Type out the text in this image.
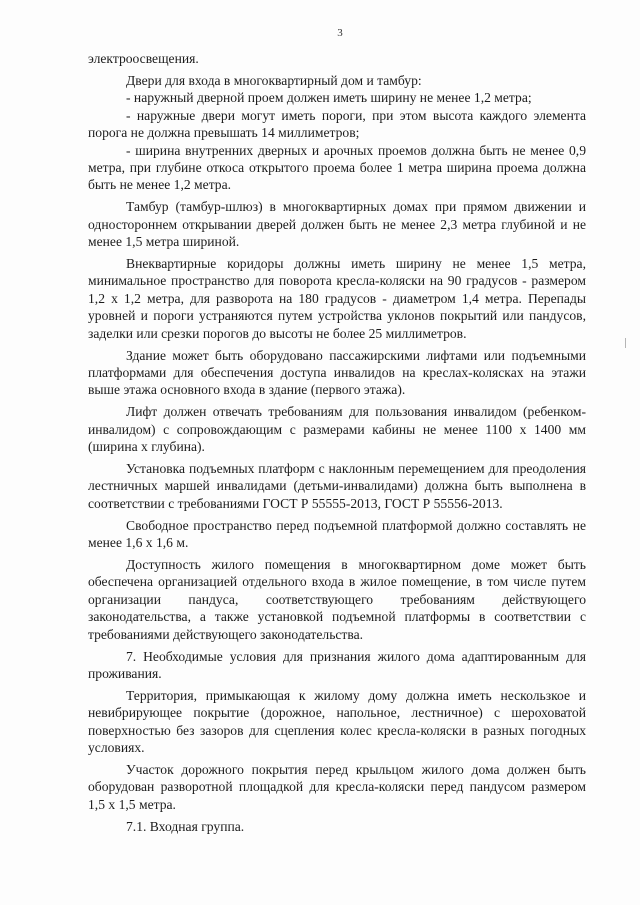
3

электроосвещения.

Двери для входа в многоквартирный дом и тамбур:

- наружный дверной проем должен иметь ширину не менее 1,2 метра;

- наружные двери могут иметь пороги, при этом высота каждого элемента порога не должна превышать 14 миллиметров;

- ширина внутренних дверных и арочных проемов должна быть не менее 0,9 метра, при глубине откоса открытого проема более 1 метра ширина проема должна быть не менее 1,2 метра.

Тамбур (тамбур-шлюз) в многоквартирных домах при прямом движении и одностороннем открывании дверей должен быть не менее 2,3 метра глубиной и не менее 1,5 метра шириной.

Внеквартирные коридоры должны иметь ширину не менее 1,5 метра, минимальное пространство для поворота кресла-коляски на 90 градусов - размером 1,2 х 1,2 метра, для разворота на 180 градусов - диаметром 1,4 метра. Перепады уровней и пороги устраняются путем устройства уклонов покрытий или пандусов, заделки или срезки порогов до высоты не более 25 миллиметров.

Здание может быть оборудовано пассажирскими лифтами или подъемными платформами для обеспечения доступа инвалидов на креслах-колясках на этажи выше этажа основного входа в здание (первого этажа).

Лифт должен отвечать требованиям для пользования инвалидом (ребенком-инвалидом) с сопровождающим с размерами кабины не менее 1100 х 1400 мм (ширина х глубина).

Установка подъемных платформ с наклонным перемещением для преодоления лестничных маршей инвалидами (детьми-инвалидами) должна быть выполнена в соответствии с требованиями ГОСТ Р 55555-2013, ГОСТ Р 55556-2013.

Свободное пространство перед подъемной платформой должно составлять не менее 1,6 х 1,6 м.

Доступность жилого помещения в многоквартирном доме может быть обеспечена организацией отдельного входа в жилое помещение, в том числе путем организации пандуса, соответствующего требованиям действующего законодательства, а также установкой подъемной платформы в соответствии с требованиями действующего законодательства.

7. Необходимые условия для признания жилого дома адаптированным для проживания.

Территория, примыкающая к жилому дому должна иметь нескользкое и невибрирующее покрытие (дорожное, напольное, лестничное) с шероховатой поверхностью без зазоров для сцепления колес кресла-коляски в разных погодных условиях.

Участок дорожного покрытия перед крыльцом жилого дома должен быть оборудован разворотной площадкой для кресла-коляски перед пандусом размером 1,5 х 1,5 метра.

7.1. Входная группа.
